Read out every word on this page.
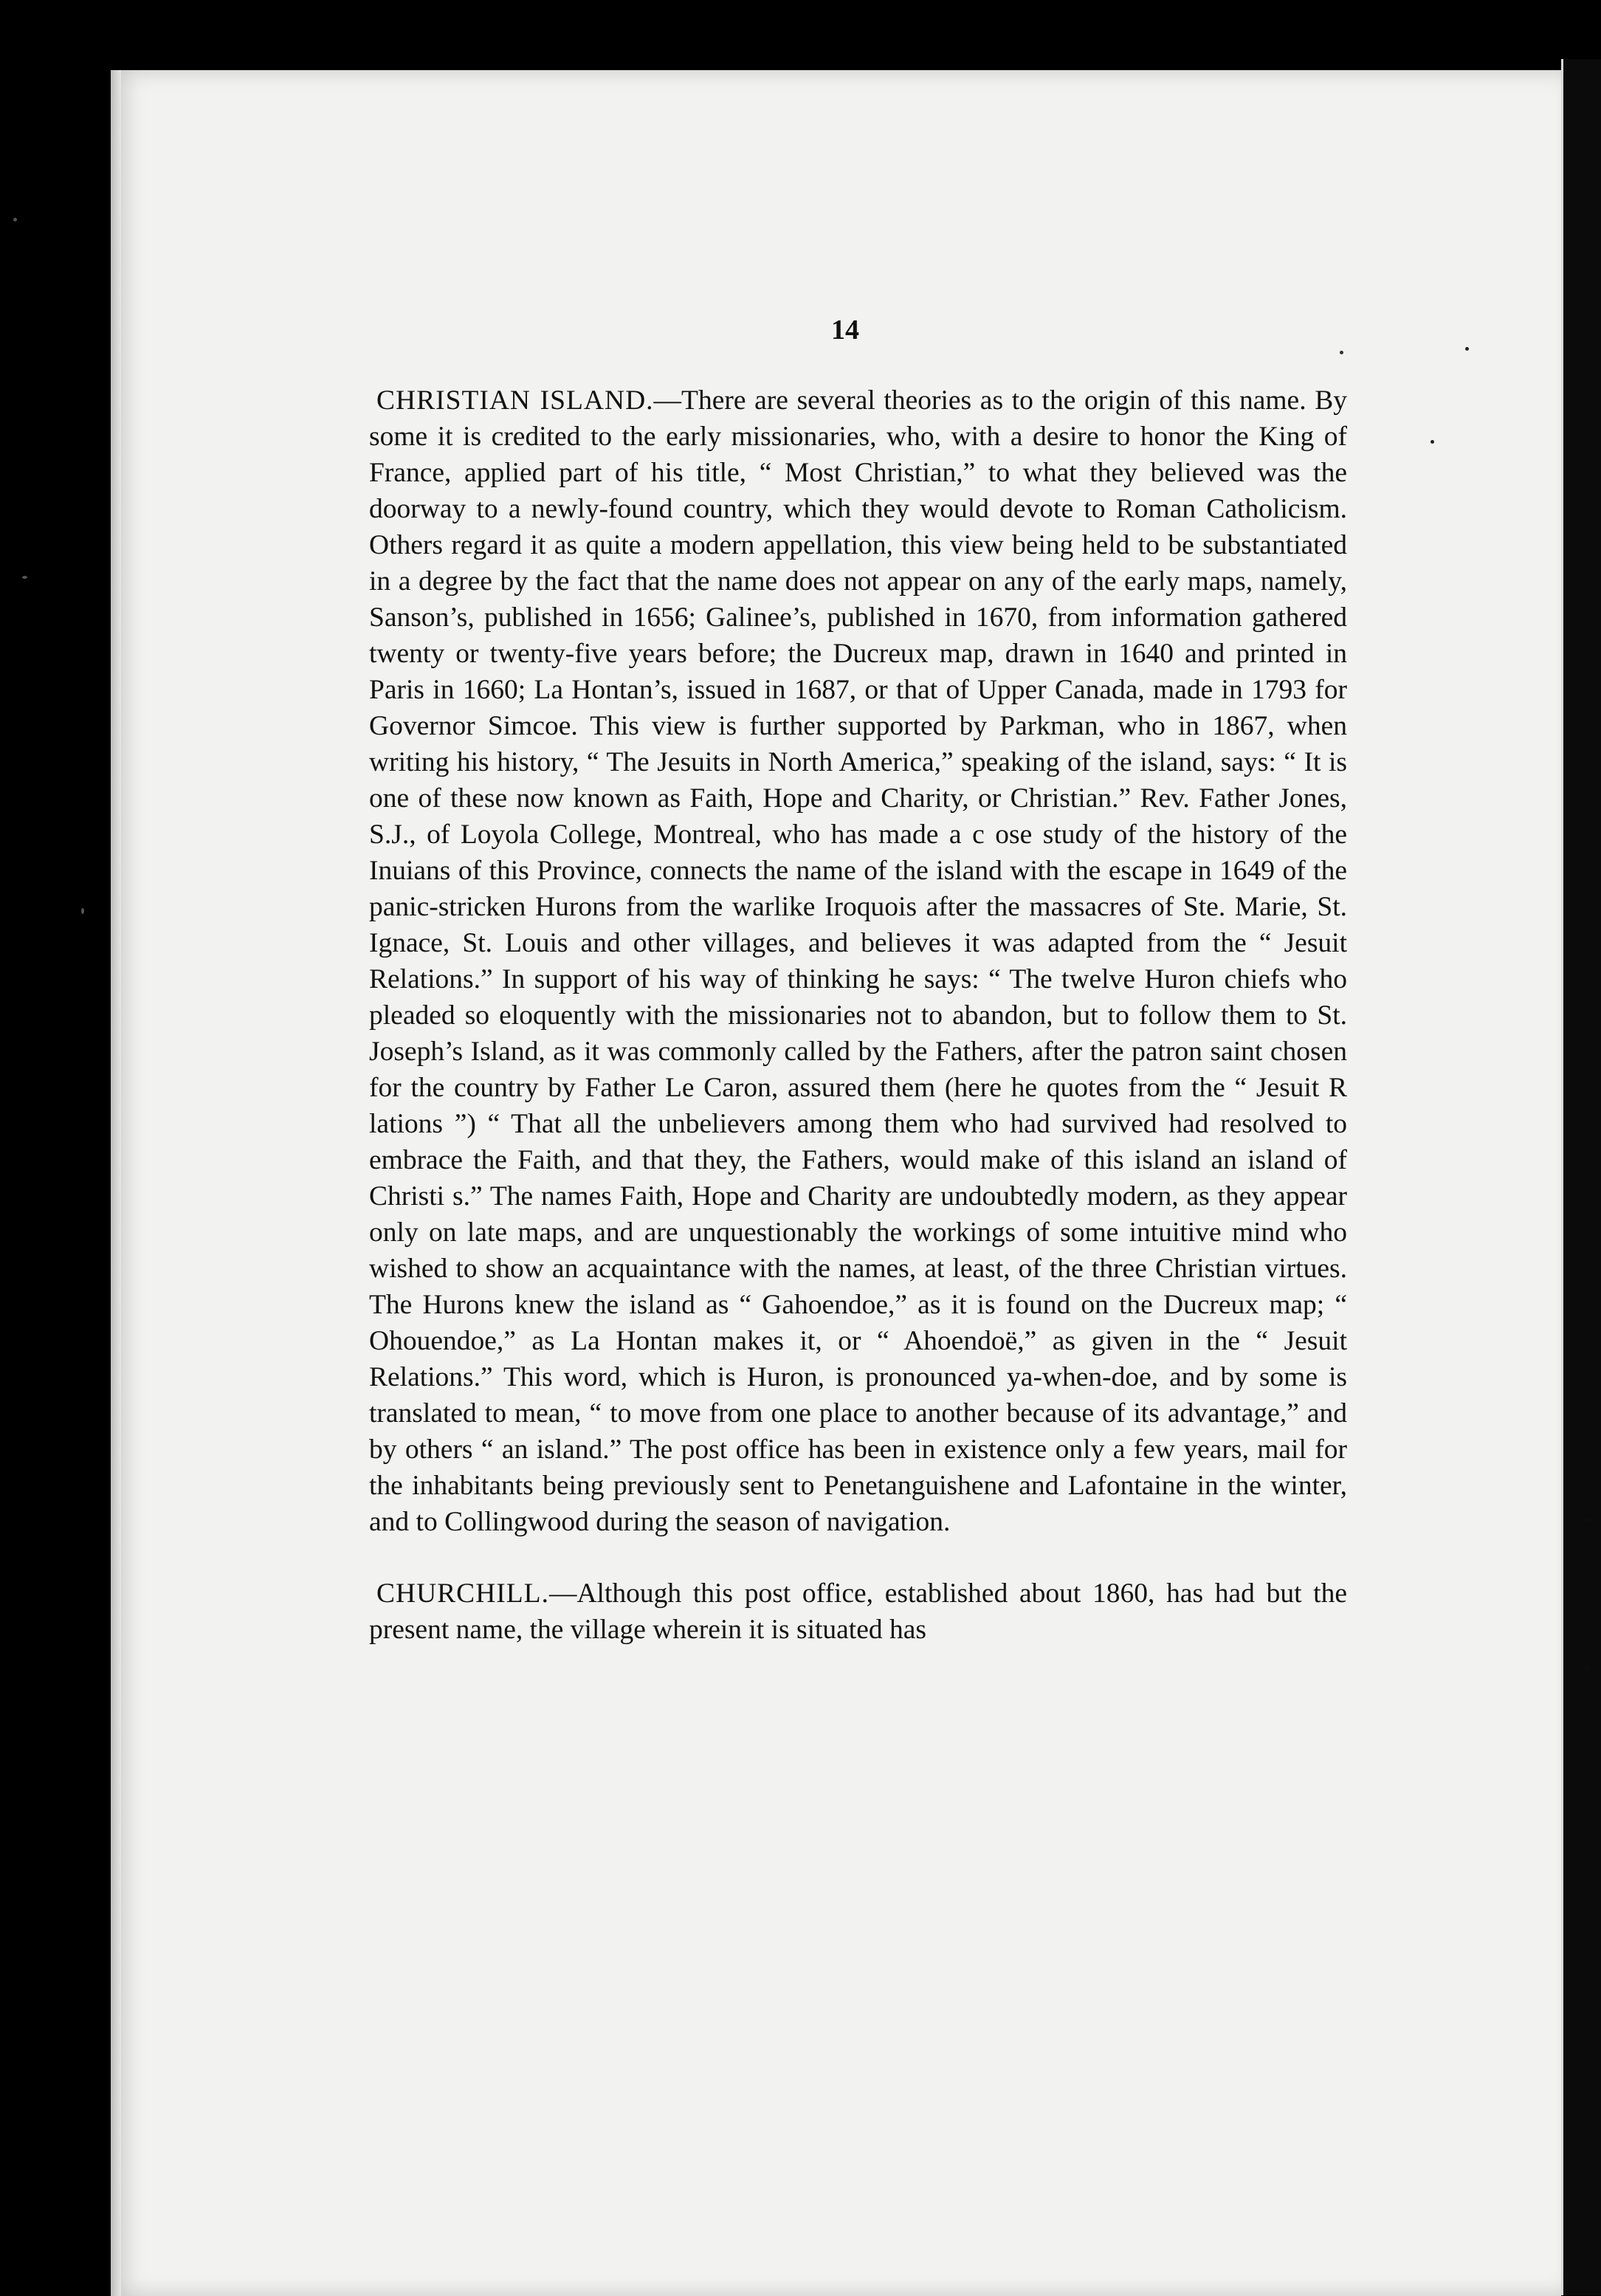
14

CHRISTIAN ISLAND.—There are several theories as to the origin of this name. By some it is credited to the early missionaries, who, with a desire to honor the King of France, applied part of his title, “ Most Christian,” to what they believed was the doorway to a newly-found country, which they would devote to Roman Catholicism. Others regard it as quite a modern appellation, this view being held to be substantiated in a degree by the fact that the name does not appear on any of the early maps, namely, Sanson’s, published in 1656; Galinee’s, published in 1670, from information gathered twenty or twenty-five years before; the Ducreux map, drawn in 1640 and printed in Paris in 1660; La Hontan’s, issued in 1687, or that of Upper Canada, made in 1793 for Governor Simcoe. This view is further supported by Parkman, who in 1867, when writing his history, “ The Jesuits in North America,” speaking of the island, says: “ It is one of these now known as Faith, Hope and Charity, or Christian.” Rev. Father Jones, S.J., of Loyola College, Montreal, who has made a c ose study of the history of the Inuians of this Province, connects the name of the island with the escape in 1649 of the panic-stricken Hurons from the warlike Iroquois after the massacres of Ste. Marie, St. Ignace, St. Louis and other villages, and believes it was adapted from the “ Jesuit Relations.” In support of his way of thinking he says: “ The twelve Huron chiefs who pleaded so eloquently with the missionaries not to abandon, but to follow them to St. Joseph’s Island, as it was commonly called by the Fathers, after the patron saint chosen for the country by Father Le Caron, assured them (here he quotes from the “ Jesuit R lations ”) “ That all the unbelievers among them who had survived had resolved to embrace the Faith, and that they, the Fathers, would make of this island an island of Christi s.” The names Faith, Hope and Charity are undoubtedly modern, as they appear only on late maps, and are unquestionably the workings of some intuitive mind who wished to show an acquaintance with the names, at least, of the three Christian virtues. The Hurons knew the island as “ Gahoendoe,” as it is found on the Ducreux map; “ Ohouendoe,” as La Hontan makes it, or “ Ahoendoë,” as given in the “ Jesuit Relations.” This word, which is Huron, is pronounced ya-when-doe, and by some is translated to mean, “ to move from one place to another because of its advantage,” and by others “ an island.” The post office has been in existence only a few years, mail for the inhabitants being previously sent to Penetanguishene and Lafontaine in the winter, and to Collingwood during the season of navigation.

CHURCHILL.—Although this post office, established about 1860, has had but the present name, the village wherein it is situated has
